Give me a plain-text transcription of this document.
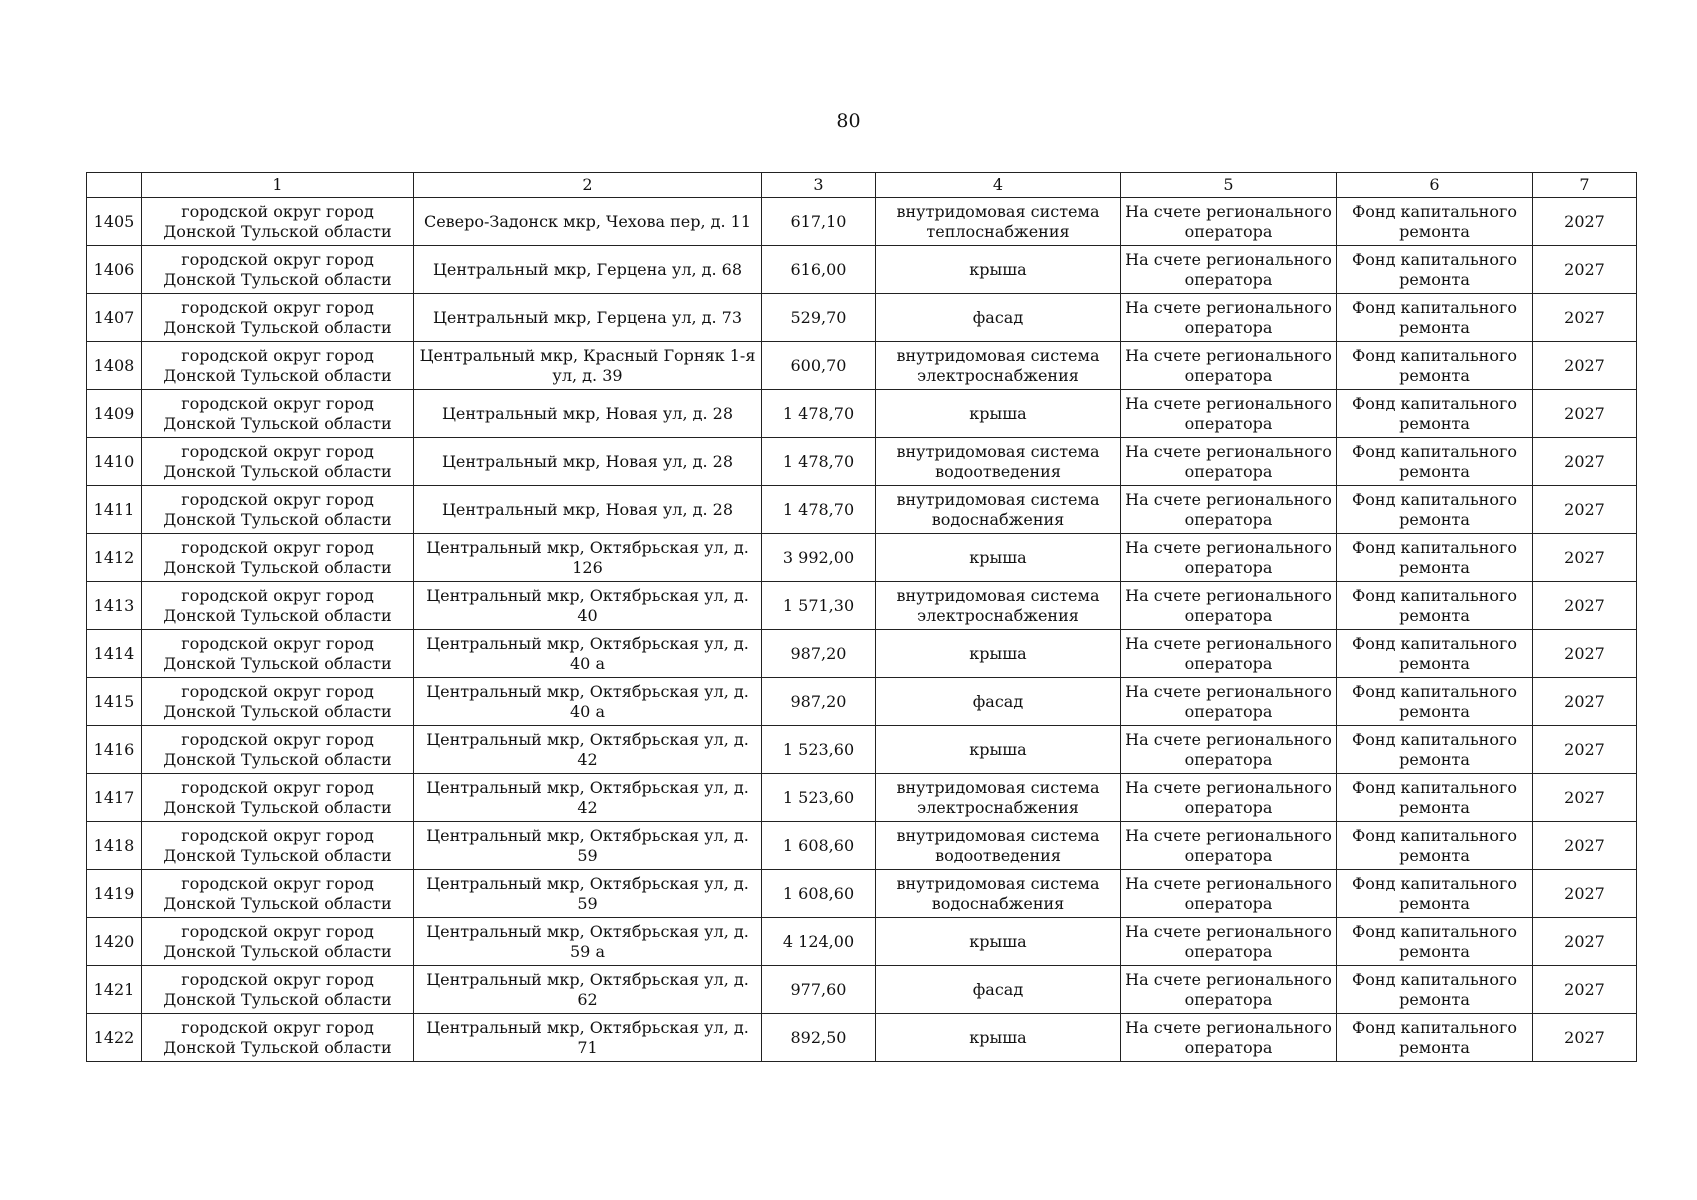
80
	1	2	3	4	5	6	7
1405	городской округ город Донской Тульской области	Северо-Задонск мкр, Чехова пер, д. 11	617,10	внутридомовая система теплоснабжения	На счете регионального оператора	Фонд капитального ремонта	2027
1406	городской округ город Донской Тульской области	Центральный мкр, Герцена ул, д. 68	616,00	крыша	На счете регионального оператора	Фонд капитального ремонта	2027
1407	городской округ город Донской Тульской области	Центральный мкр, Герцена ул, д. 73	529,70	фасад	На счете регионального оператора	Фонд капитального ремонта	2027
1408	городской округ город Донской Тульской области	Центральный мкр, Красный Горняк 1-я ул, д. 39	600,70	внутридомовая система электроснабжения	На счете регионального оператора	Фонд капитального ремонта	2027
1409	городской округ город Донской Тульской области	Центральный мкр, Новая ул, д. 28	1 478,70	крыша	На счете регионального оператора	Фонд капитального ремонта	2027
1410	городской округ город Донской Тульской области	Центральный мкр, Новая ул, д. 28	1 478,70	внутридомовая система водоотведения	На счете регионального оператора	Фонд капитального ремонта	2027
1411	городской округ город Донской Тульской области	Центральный мкр, Новая ул, д. 28	1 478,70	внутридомовая система водоснабжения	На счете регионального оператора	Фонд капитального ремонта	2027
1412	городской округ город Донской Тульской области	Центральный мкр, Октябрьская ул, д. 126	3 992,00	крыша	На счете регионального оператора	Фонд капитального ремонта	2027
1413	городской округ город Донской Тульской области	Центральный мкр, Октябрьская ул, д. 40	1 571,30	внутридомовая система электроснабжения	На счете регионального оператора	Фонд капитального ремонта	2027
1414	городской округ город Донской Тульской области	Центральный мкр, Октябрьская ул, д. 40 а	987,20	крыша	На счете регионального оператора	Фонд капитального ремонта	2027
1415	городской округ город Донской Тульской области	Центральный мкр, Октябрьская ул, д. 40 а	987,20	фасад	На счете регионального оператора	Фонд капитального ремонта	2027
1416	городской округ город Донской Тульской области	Центральный мкр, Октябрьская ул, д. 42	1 523,60	крыша	На счете регионального оператора	Фонд капитального ремонта	2027
1417	городской округ город Донской Тульской области	Центральный мкр, Октябрьская ул, д. 42	1 523,60	внутридомовая система электроснабжения	На счете регионального оператора	Фонд капитального ремонта	2027
1418	городской округ город Донской Тульской области	Центральный мкр, Октябрьская ул, д. 59	1 608,60	внутридомовая система водоотведения	На счете регионального оператора	Фонд капитального ремонта	2027
1419	городской округ город Донской Тульской области	Центральный мкр, Октябрьская ул, д. 59	1 608,60	внутридомовая система водоснабжения	На счете регионального оператора	Фонд капитального ремонта	2027
1420	городской округ город Донской Тульской области	Центральный мкр, Октябрьская ул, д. 59 а	4 124,00	крыша	На счете регионального оператора	Фонд капитального ремонта	2027
1421	городской округ город Донской Тульской области	Центральный мкр, Октябрьская ул, д. 62	977,60	фасад	На счете регионального оператора	Фонд капитального ремонта	2027
1422	городской округ город Донской Тульской области	Центральный мкр, Октябрьская ул, д. 71	892,50	крыша	На счете регионального оператора	Фонд капитального ремонта	2027
